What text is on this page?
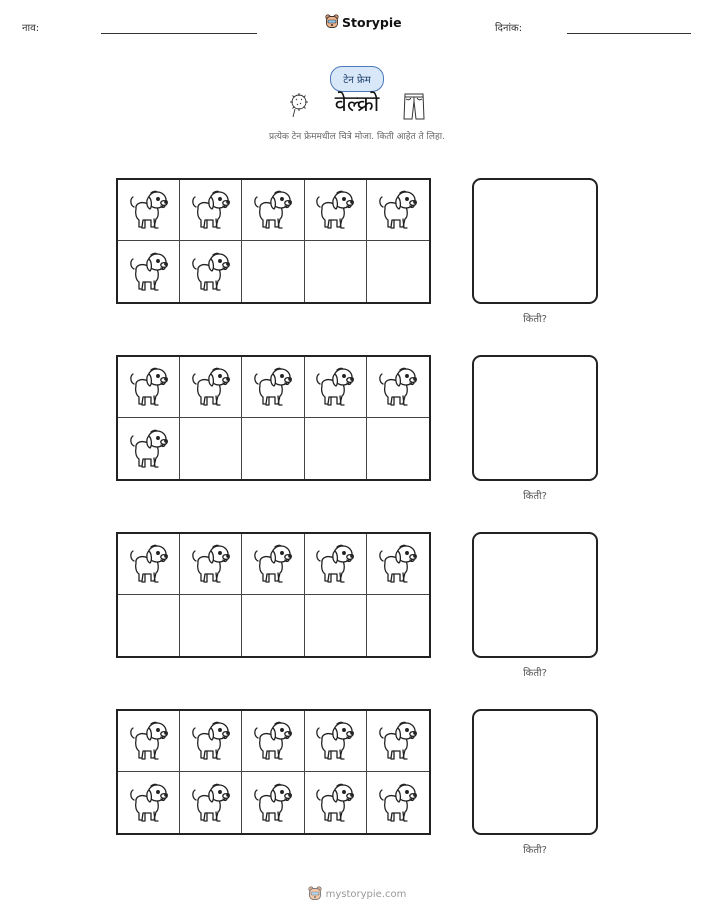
नाव:	Storypie	दिनांक:
टेन फ्रेम
वेल्क्रो
प्रत्येक टेन फ्रेममधील चित्रे मोजा. किती आहेत ते लिहा.
किती?
किती?
किती?
किती?
mystorypie.com
